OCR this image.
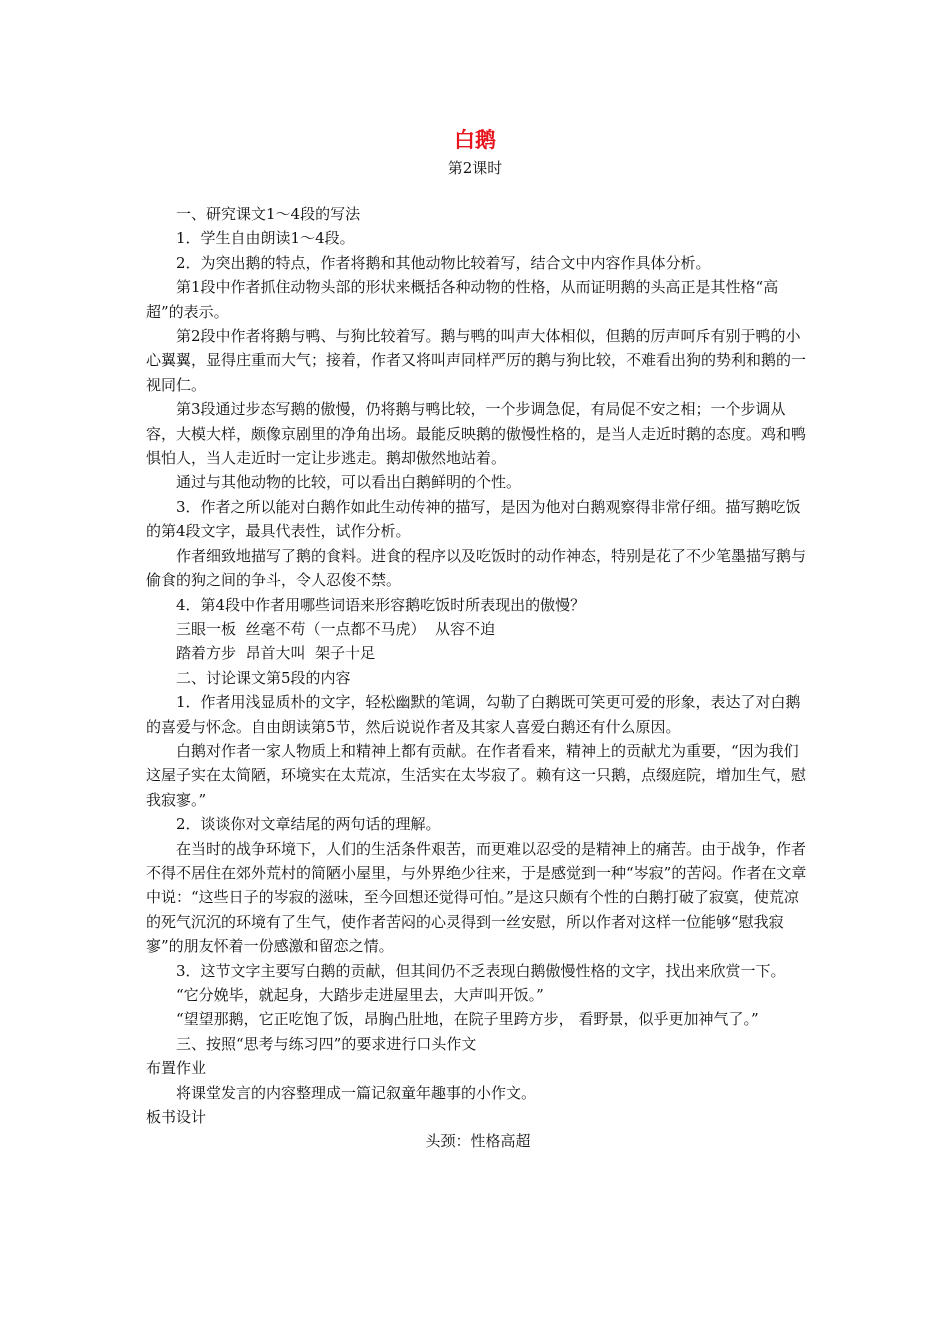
白鹅
第2课时

一、研究课文1～4段的写法

1．学生自由朗读1～4段。

2．为突出鹅的特点，作者将鹅和其他动物比较着写，结合文中内容作具体分析。

第1段中作者抓住动物头部的形状来概括各种动物的性格，从而证明鹅的头高正是其性格“高超”的表示。

第2段中作者将鹅与鸭、与狗比较着写。鹅与鸭的叫声大体相似，但鹅的厉声呵斥有别于鸭的小心翼翼，显得庄重而大气；接着，作者又将叫声同样严厉的鹅与狗比较，不难看出狗的势利和鹅的一视同仁。

第3段通过步态写鹅的傲慢，仍将鹅与鸭比较，一个步调急促，有局促不安之相；一个步调从容，大模大样，颇像京剧里的净角出场。最能反映鹅的傲慢性格的，是当人走近时鹅的态度。鸡和鸭惧怕人，当人走近时一定让步逃走。鹅却傲然地站着。

通过与其他动物的比较，可以看出白鹅鲜明的个性。

3．作者之所以能对白鹅作如此生动传神的描写，是因为他对白鹅观察得非常仔细。描写鹅吃饭的第4段文字，最具代表性，试作分析。

作者细致地描写了鹅的食料。进食的程序以及吃饭时的动作神态，特别是花了不少笔墨描写鹅与偷食的狗之间的争斗，令人忍俊不禁。

4．第4段中作者用哪些词语来形容鹅吃饭时所表现出的傲慢？

三眼一板  丝毫不苟（一点都不马虎）  从容不迫

踏着方步  昂首大叫  架子十足

二、讨论课文第5段的内容

1．作者用浅显质朴的文字，轻松幽默的笔调，勾勒了白鹅既可笑更可爱的形象，表达了对白鹅的喜爱与怀念。自由朗读第5节，然后说说作者及其家人喜爱白鹅还有什么原因。

白鹅对作者一家人物质上和精神上都有贡献。在作者看来，精神上的贡献尤为重要，“因为我们这屋子实在太简陋，环境实在太荒凉，生活实在太岑寂了。赖有这一只鹅，点缀庭院，增加生气，慰我寂寥。”

2．谈谈你对文章结尾的两句话的理解。

在当时的战争环境下，人们的生活条件艰苦，而更难以忍受的是精神上的痛苦。由于战争，作者不得不居住在郊外荒村的简陋小屋里，与外界绝少往来，于是感觉到一种“岑寂”的苦闷。作者在文章中说：“这些日子的岑寂的滋味，至今回想还觉得可怕。”是这只颇有个性的白鹅打破了寂寞，使荒凉的死气沉沉的环境有了生气，使作者苦闷的心灵得到一丝安慰，所以作者对这样一位能够“慰我寂寥”的朋友怀着一份感激和留恋之情。

3．这节文字主要写白鹅的贡献，但其间仍不乏表现白鹅傲慢性格的文字，找出来欣赏一下。

“它分娩毕，就起身，大踏步走进屋里去，大声叫开饭。”

“望望那鹅，它正吃饱了饭，昂胸凸肚地，在院子里跨方步， 看野景，似乎更加神气了。”

三、按照“思考与练习四”的要求进行口头作文

布置作业

将课堂发言的内容整理成一篇记叙童年趣事的小作文。

板书设计

头颈：性格高超
